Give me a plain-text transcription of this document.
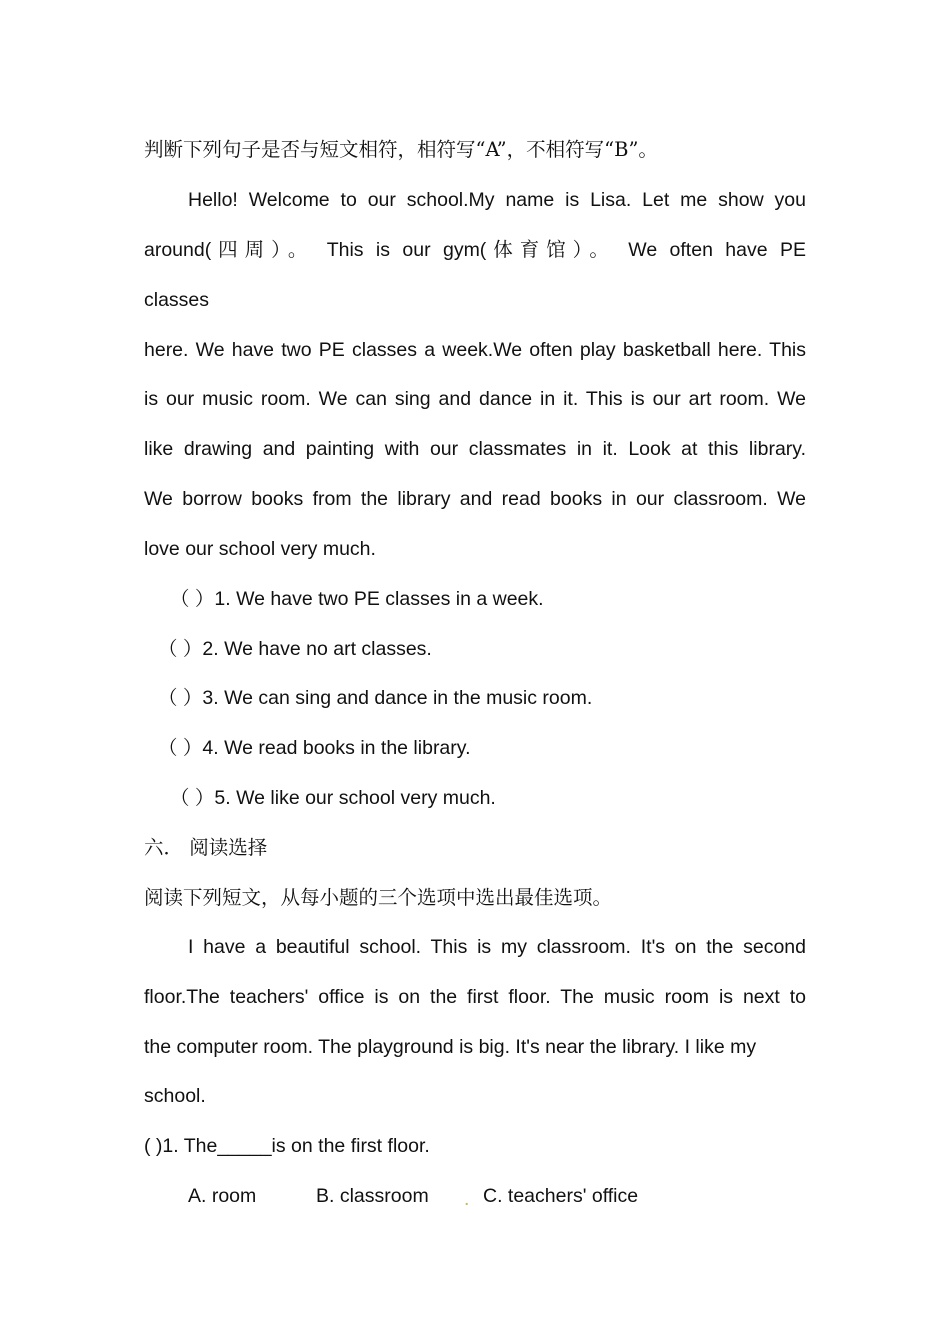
判断下列句子是否与短文相符，相符写“A”，不相符写“B”。
Hello! Welcome to our school.My name is Lisa. Let me show you
around(四周）。 This is our gym(体育馆）。 We often have PE
classes
here. We have two PE classes a week.We often play basketball here. This
is our music room. We can sing and dance in it. This is our art room. We
like drawing and painting with our classmates in it. Look at this library.
We borrow books from the library and read books in our classroom. We
love our school very much.
（ ）1. We have two PE classes in a week.
（ ）2. We have no art classes.
（ ）3. We can sing and dance in the music room.
（ ）4. We read books in the library.
（ ）5. We like our school very much.
六． 阅读选择
阅读下列短文，从每小题的三个选项中选出最佳选项。
I have a beautiful school. This is my classroom. It's on the second
floor.The teachers' office is on the first floor. The music room is next to
the computer room. The playground is big. It's near the library. I like my
school.
( )1. The_____is on the first floor.
A. room	B. classroom	. C. teachers' office
